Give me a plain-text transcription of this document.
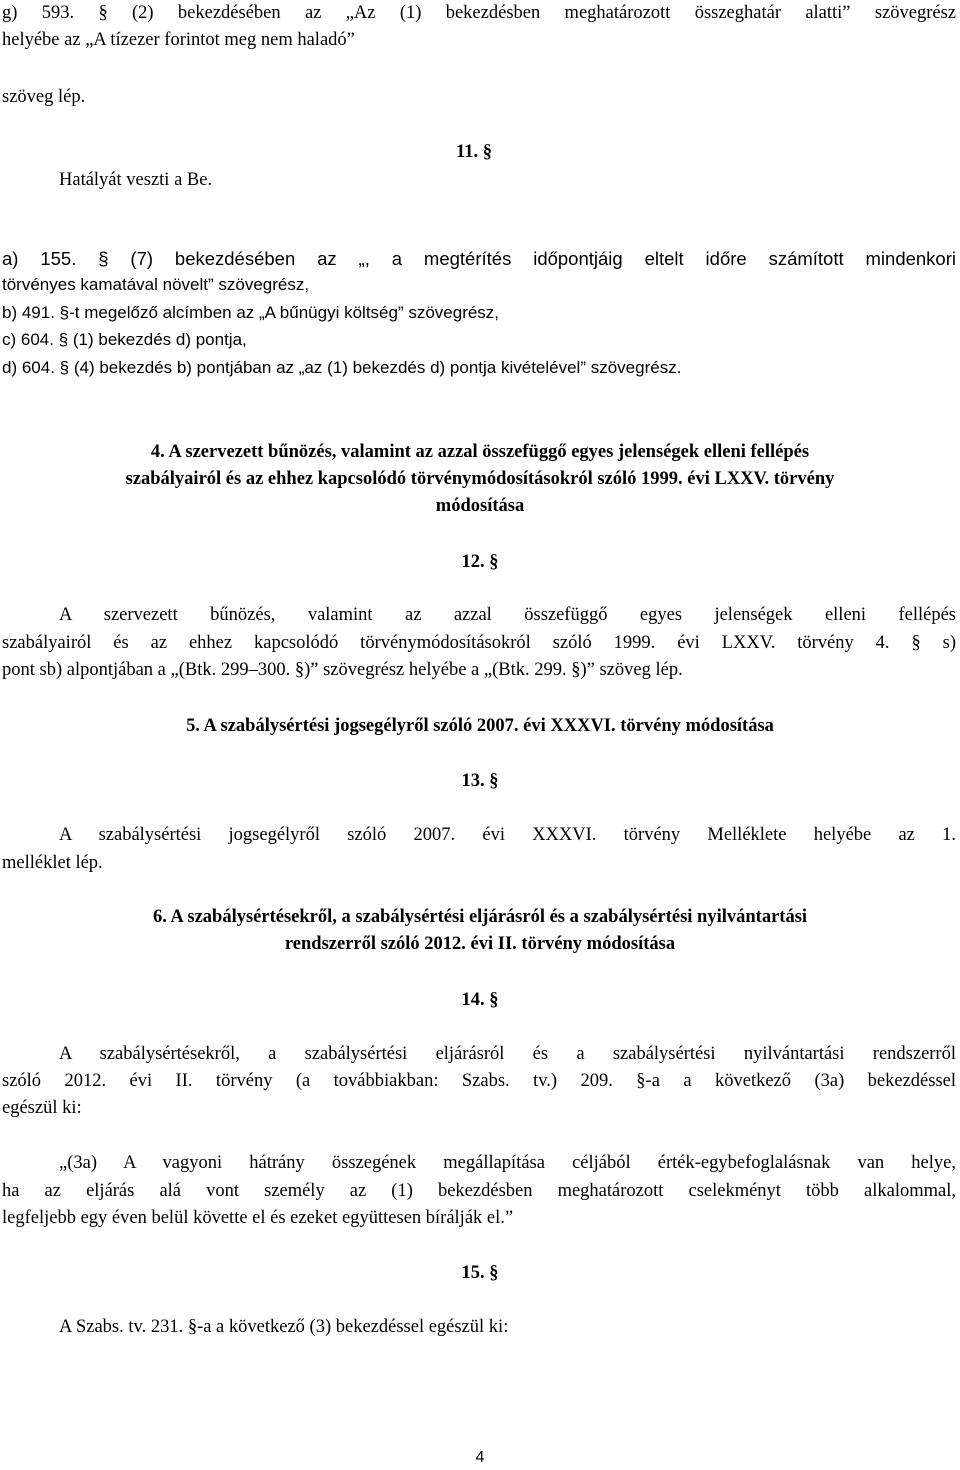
g) 593. § (2) bekezdésében az „Az (1) bekezdésben meghatározott összeghatár alatti” szövegrész
helyébe az „A tízezer forintot meg nem haladó”
szöveg lép.
11. §
Hatályát veszti a Be.
a) 155. § (7) bekezdésében az „, a megtérítés időpontjáig eltelt időre számított mindenkori
törvényes kamatával növelt” szövegrész,
b) 491. §-t megelőző alcímben az „A bűnügyi költség” szövegrész,
c) 604. § (1) bekezdés d) pontja,
d) 604. § (4) bekezdés b) pontjában az „az (1) bekezdés d) pontja kivételével” szövegrész.
4. A szervezett bűnözés, valamint az azzal összefüggő egyes jelenségek elleni fellépés
szabályairól és az ehhez kapcsolódó törvénymódosításokról szóló 1999. évi LXXV. törvény
módosítása
12. §
A szervezett bűnözés, valamint az azzal összefüggő egyes jelenségek elleni fellépés
szabályairól és az ehhez kapcsolódó törvénymódosításokról szóló 1999. évi LXXV. törvény 4. § s)
pont sb) alpontjában a „(Btk. 299–300. §)” szövegrész helyébe a „(Btk. 299. §)” szöveg lép.
5. A szabálysértési jogsegélyről szóló 2007. évi XXXVI. törvény módosítása
13. §
A szabálysértési jogsegélyről szóló 2007. évi XXXVI. törvény Melléklete helyébe az 1.
melléklet lép.
6. A szabálysértésekről, a szabálysértési eljárásról és a szabálysértési nyilvántartási
rendszerről szóló 2012. évi II. törvény módosítása
14. §
A szabálysértésekről, a szabálysértési eljárásról és a szabálysértési nyilvántartási rendszerről
szóló 2012. évi II. törvény (a továbbiakban: Szabs. tv.) 209. §-a a következő (3a) bekezdéssel
egészül ki:
„(3a) A vagyoni hátrány összegének megállapítása céljából érték-egybefoglalásnak van helye,
ha az eljárás alá vont személy az (1) bekezdésben meghatározott cselekményt több alkalommal,
legfeljebb egy éven belül követte el és ezeket együttesen bírálják el.”
15. §
A Szabs. tv. 231. §-a a következő (3) bekezdéssel egészül ki:
4
